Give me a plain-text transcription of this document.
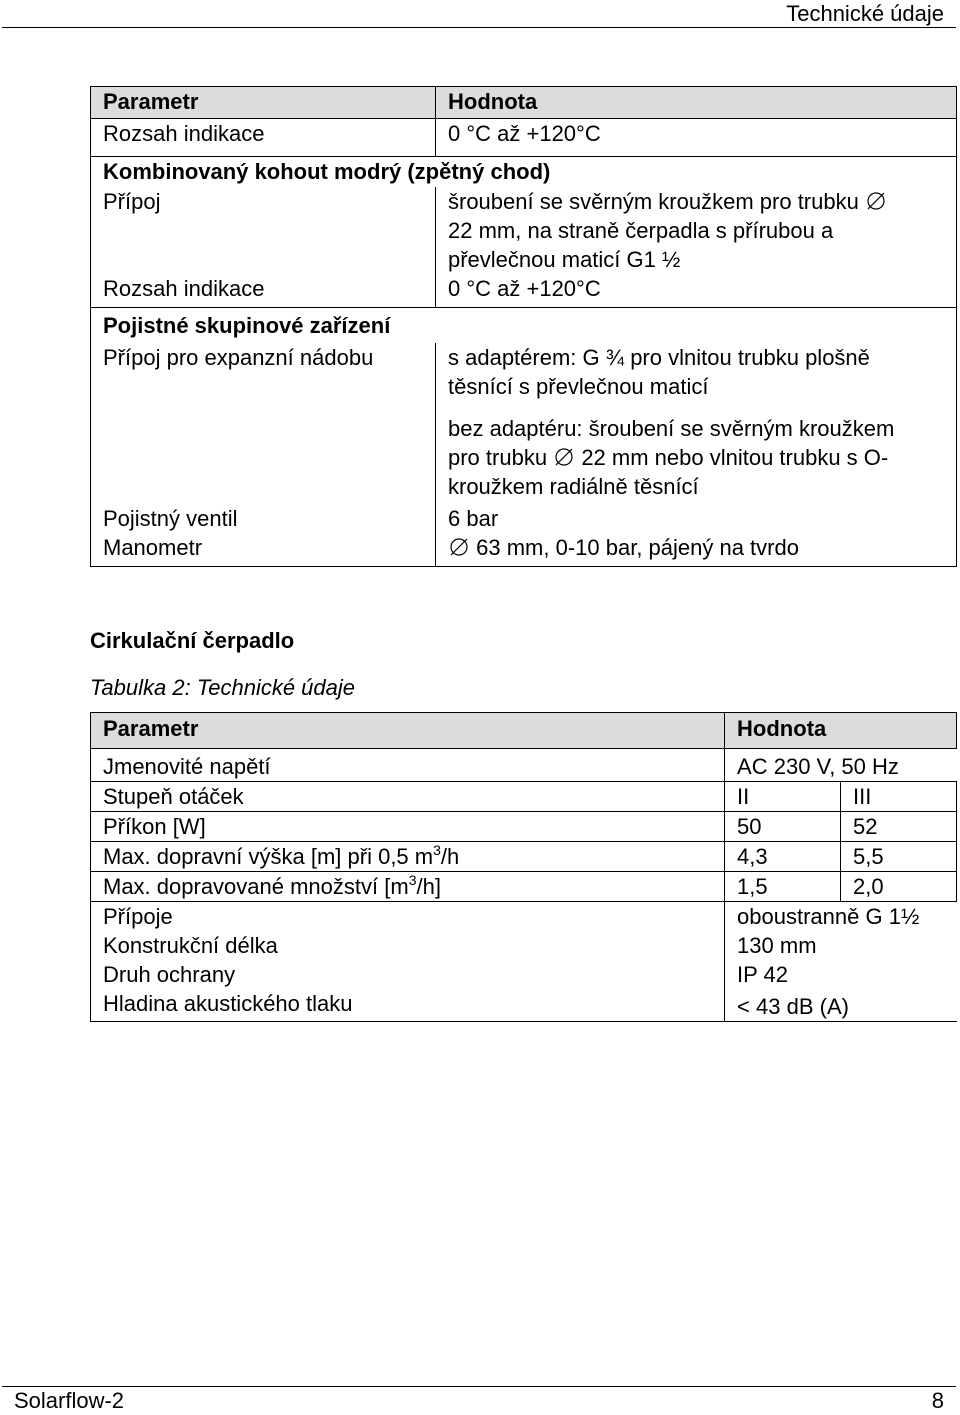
Technické údaje
Parametr	Hodnota
Rozsah indikace	0 °C až +120°C
Kombinovaný kohout modrý (zpětný chod)	
Přípoj	šroubení se svěrným kroužkem pro trubku
22 mm, na straně čerpadla s přírubou a
převlečnou maticí G1 ½

Rozsah indikace	0 °C až +120°C
Pojistné skupinové zařízení	
Přípoj pro expanzní nádobu	s adaptérem: G ¾ pro vlnitou trubku plošně
těsnící s převlečnou maticí
bez adaptéru: šroubení se svěrným kroužkem
pro trubku 22 mm nebo vlnitou trubku s O-
kroužkem radiálně těsnící

Pojistný ventil	6 bar
Manometr	63 mm, 0-10 bar, pájený na tvrdo
Cirkulační čerpadlo
Tabulka 2: Technické údaje
Parametr	Hodnota	
Jmenovité napětí	AC 230 V, 50 Hz	
Stupeň otáček	II	III
Příkon [W]	50	52
Max. dopravní výška [m] při 0,5 $m^3/h$	4,3	5,5
Max. dopravované množství $[m^3/h]$	1,5	2,0
Přípoje	oboustranně G 1½	
Konstrukční délka	130 mm	
Druh ochrany	IP 42	
Hladina akustického tlaku	< 43 dB (A)	
Solarflow-2	8
